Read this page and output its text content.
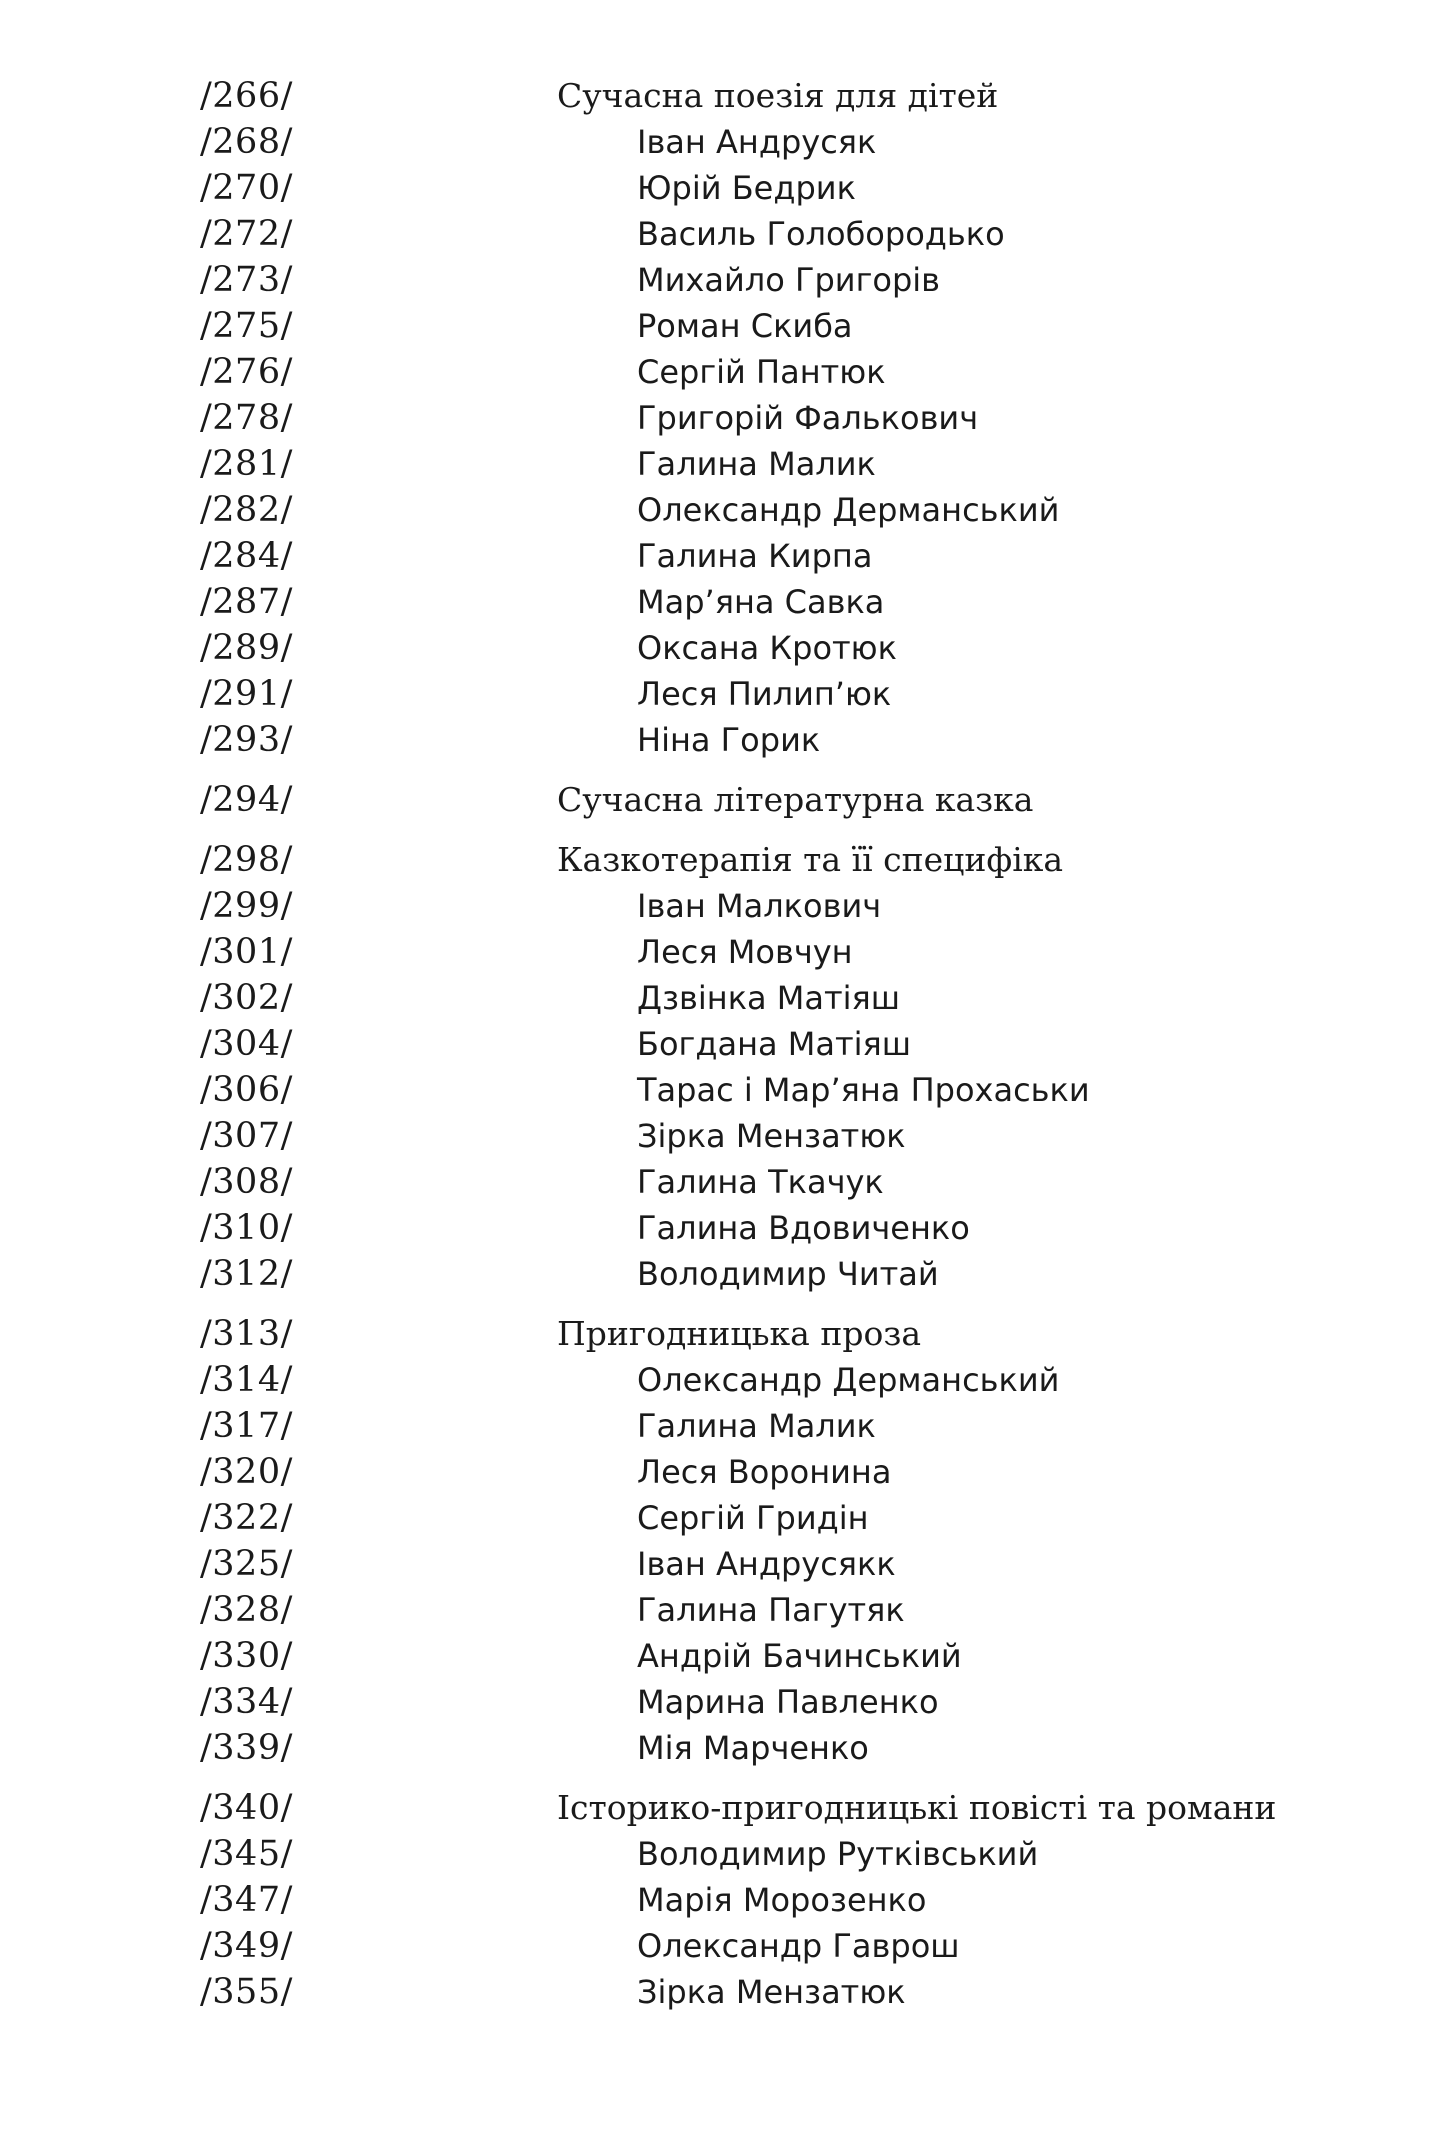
/266/	Сучасна поезія для дітей
/268/	Іван Андрусяк
/270/	Юрій Бедрик
/272/	Василь Голобородько
/273/	Михайло Григорів
/275/	Роман Скиба
/276/	Сергій Пантюк
/278/	Григорій Фалькович
/281/	Галина Малик
/282/	Олександр Дерманський
/284/	Галина Кирпа
/287/	Мар’яна Савка
/289/	Оксана Кротюк
/291/	Леся Пилип’юк
/293/	Ніна Горик
/294/	Сучасна літературна казка
/298/	Казкотерапія та її специфіка
/299/	Іван Малкович
/301/	Леся Мовчун
/302/	Дзвінка Матіяш
/304/	Богдана Матіяш
/306/	Тарас і Мар’яна Прохаськи
/307/	Зірка Мензатюк
/308/	Галина Ткачук
/310/	Галина Вдовиченко
/312/	Володимир Читай
/313/	Пригодницька проза
/314/	Олександр Дерманський
/317/	Галина Малик
/320/	Леся Воронина
/322/	Сергій Гридін
/325/	Іван Андрусякк
/328/	Галина Пагутяк
/330/	Андрій Бачинський
/334/	Марина Павленко
/339/	Мія Марченко
/340/	Історико-пригодницькі повісті та романи
/345/	Володимир Рутківський
/347/	Марія Морозенко
/349/	Олександр Гаврош
/355/	Зірка Мензатюк
